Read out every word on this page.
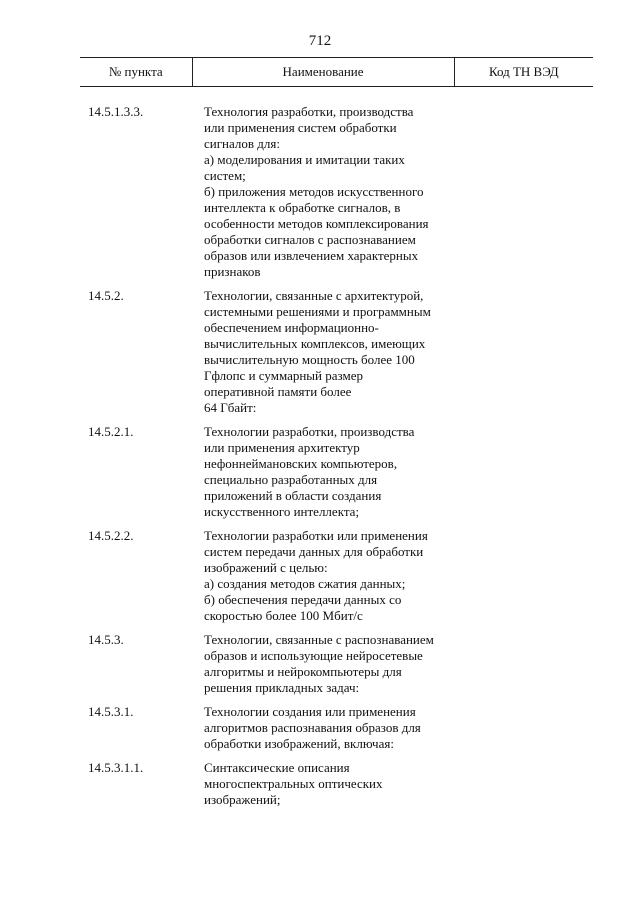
712
№ пункта	Наименование	Код ТН ВЭД
14.5.1.3.3.	Технология разработки, производства
или применения систем обработки
сигналов для:
а) моделирования и имитации таких
систем;
б) приложения методов искусственного
интеллекта к обработке сигналов, в
особенности методов комплексирования
обработки сигналов с распознаванием
образов или извлечением характерных
признаков
14.5.2.	Технологии, связанные с архитектурой,
системными решениями и программным
обеспечением информационно-
вычислительных комплексов, имеющих
вычислительную мощность более 100
Гфлопс и суммарный размер
оперативной памяти более
64 Гбайт:
14.5.2.1.	Технологии разработки, производства
или применения архитектур
нефоннеймановских компьютеров,
специально разработанных для
приложений в области создания
искусственного интеллекта;
14.5.2.2.	Технологии разработки или применения
систем передачи данных для обработки
изображений с целью:
а) создания методов сжатия данных;
б) обеспечения передачи данных со
скоростью более 100 Мбит/с
14.5.3.	Технологии, связанные с распознаванием
образов и использующие нейросетевые
алгоритмы и нейрокомпьютеры для
решения прикладных задач:
14.5.3.1.	Технологии создания или применения
алгоритмов распознавания образов для
обработки изображений, включая:
14.5.3.1.1.	Синтаксические описания
многоспектральных оптических
изображений;
